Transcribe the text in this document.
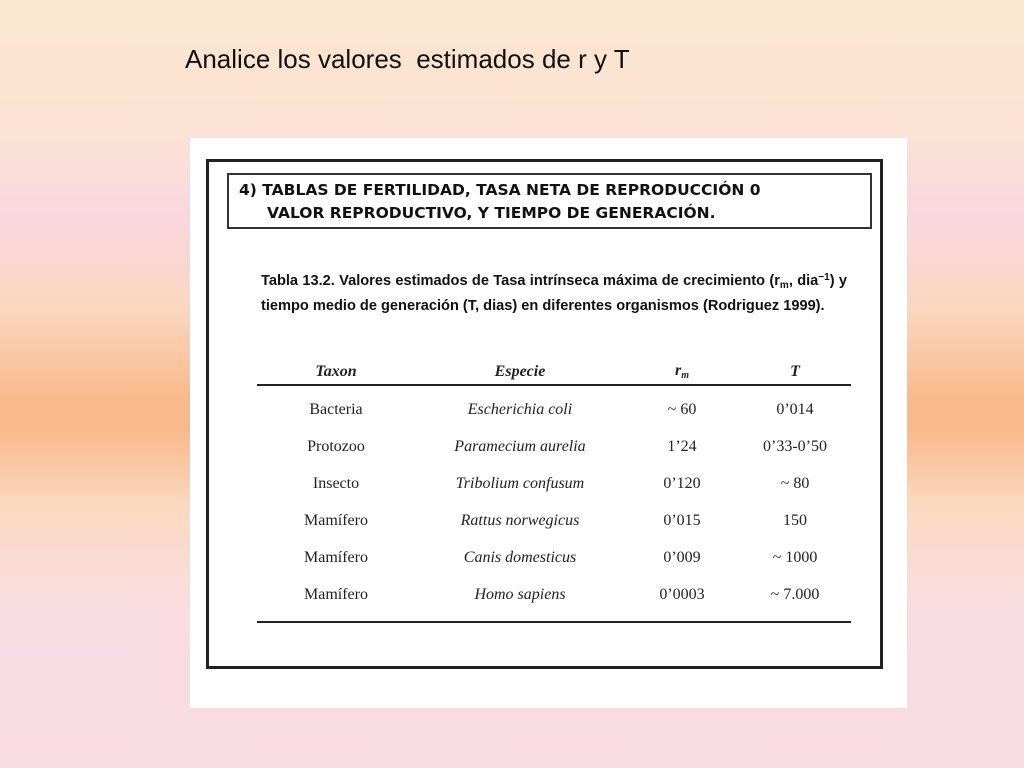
Analice los valores  estimados de r y T
4) TABLAS DE FERTILIDAD, TASA NETA DE REPRODUCCIÓN 0
VALOR REPRODUCTIVO, Y TIEMPO DE GENERACIÓN.
Tabla 13.2. Valores estimados de Tasa intrínseca máxima de crecimiento ($r_m$, dia$^{-1}$) y tiempo medio de generación (T, dias) en diferentes organismos (Rodriguez 1999).
Taxon	Especie	rm	T
Bacteria	Escherichia coli	~ 60	0’014
Protozoo	Paramecium aurelia	1’24	0’33-0’50
Insecto	Tribolium confusum	0’120	~ 80
Mamífero	Rattus norwegicus	0’015	150
Mamífero	Canis domesticus	0’009	~ 1000
Mamífero	Homo sapiens	0’0003	~ 7.000
